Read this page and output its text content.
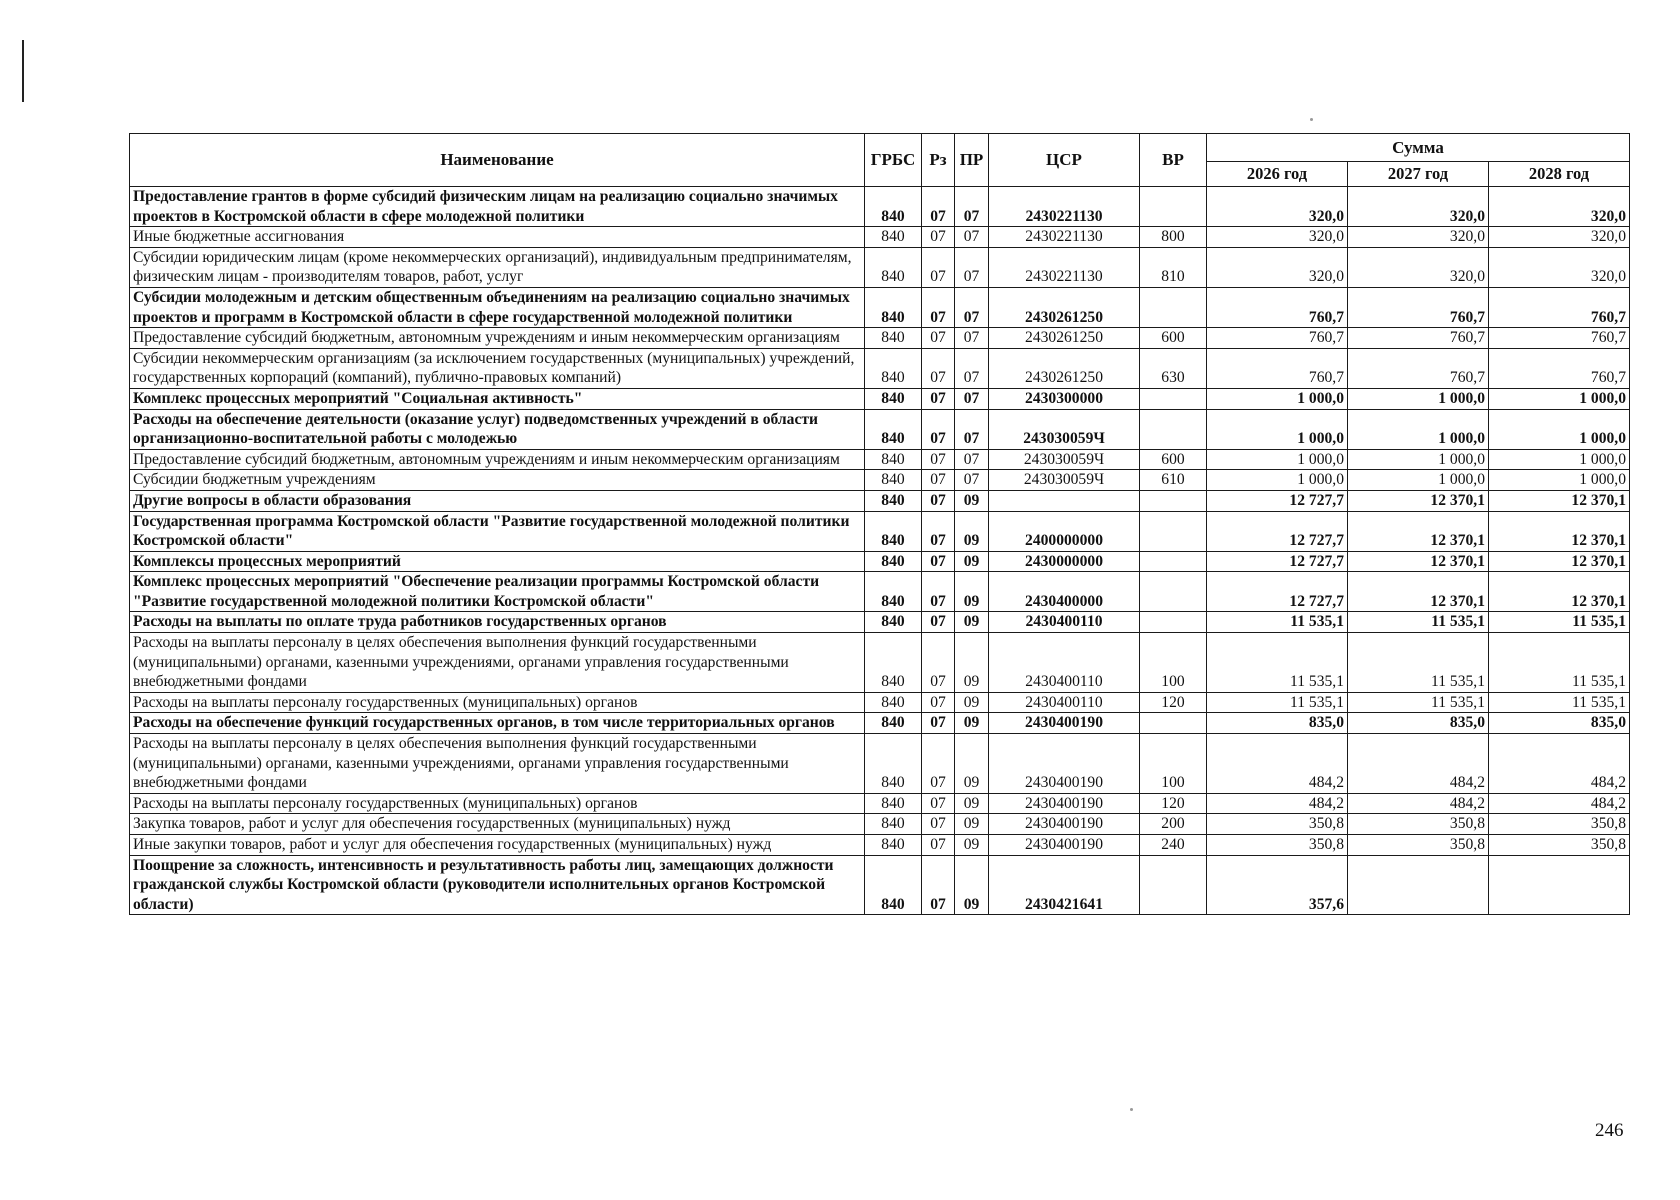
Наименование	ГРБС	Рз	ПР	ЦСР	ВР	Сумма		
						2026 год	2027 год	2028 год
Предоставление грантов в форме субсидий физическим лицам на реализацию социально значимых проектов в Костромской области в сфере молодежной политики	840	07	07	2430221130		320,0	320,0	320,0
Иные бюджетные ассигнования	840	07	07	2430221130	800	320,0	320,0	320,0
Субсидии юридическим лицам (кроме некоммерческих организаций), индивидуальным предпринимателям, физическим лицам - производителям товаров, работ, услуг	840	07	07	2430221130	810	320,0	320,0	320,0
Субсидии молодежным и детским общественным объединениям на реализацию социально значимых проектов и программ в Костромской области в сфере государственной молодежной политики	840	07	07	2430261250		760,7	760,7	760,7
Предоставление субсидий бюджетным, автономным учреждениям и иным некоммерческим организациям	840	07	07	2430261250	600	760,7	760,7	760,7
Субсидии некоммерческим организациям (за исключением государственных (муниципальных) учреждений, государственных корпораций (компаний), публично-правовых компаний)	840	07	07	2430261250	630	760,7	760,7	760,7
Комплекс процессных мероприятий "Социальная активность"	840	07	07	2430300000		1 000,0	1 000,0	1 000,0
Расходы на обеспечение деятельности (оказание услуг) подведомственных учреждений в области организационно-воспитательной работы с молодежью	840	07	07	243030059Ч		1 000,0	1 000,0	1 000,0
Предоставление субсидий бюджетным, автономным учреждениям и иным некоммерческим организациям	840	07	07	243030059Ч	600	1 000,0	1 000,0	1 000,0
Субсидии бюджетным учреждениям	840	07	07	243030059Ч	610	1 000,0	1 000,0	1 000,0
Другие вопросы в области образования	840	07	09			12 727,7	12 370,1	12 370,1
Государственная программа Костромской области "Развитие государственной молодежной политики Костромской области"	840	07	09	2400000000		12 727,7	12 370,1	12 370,1
Комплексы процессных мероприятий	840	07	09	2430000000		12 727,7	12 370,1	12 370,1
Комплекс процессных мероприятий "Обеспечение реализации программы Костромской области "Развитие государственной молодежной политики Костромской области"	840	07	09	2430400000		12 727,7	12 370,1	12 370,1
Расходы на выплаты по оплате труда работников государственных органов	840	07	09	2430400110		11 535,1	11 535,1	11 535,1
Расходы на выплаты персоналу в целях обеспечения выполнения функций государственными (муниципальными) органами, казенными учреждениями, органами управления государственными внебюджетными фондами	840	07	09	2430400110	100	11 535,1	11 535,1	11 535,1
Расходы на выплаты персоналу государственных (муниципальных) органов	840	07	09	2430400110	120	11 535,1	11 535,1	11 535,1
Расходы на обеспечение функций государственных органов, в том числе территориальных органов	840	07	09	2430400190		835,0	835,0	835,0
Расходы на выплаты персоналу в целях обеспечения выполнения функций государственными (муниципальными) органами, казенными учреждениями, органами управления государственными внебюджетными фондами	840	07	09	2430400190	100	484,2	484,2	484,2
Расходы на выплаты персоналу государственных (муниципальных) органов	840	07	09	2430400190	120	484,2	484,2	484,2
Закупка товаров, работ и услуг для обеспечения государственных (муниципальных) нужд	840	07	09	2430400190	200	350,8	350,8	350,8
Иные закупки товаров, работ и услуг для обеспечения государственных (муниципальных) нужд	840	07	09	2430400190	240	350,8	350,8	350,8
Поощрение за сложность, интенсивность и результативность работы лиц, замещающих должности гражданской службы Костромской области (руководители исполнительных органов Костромской области)	840	07	09	2430421641		357,6		
246
